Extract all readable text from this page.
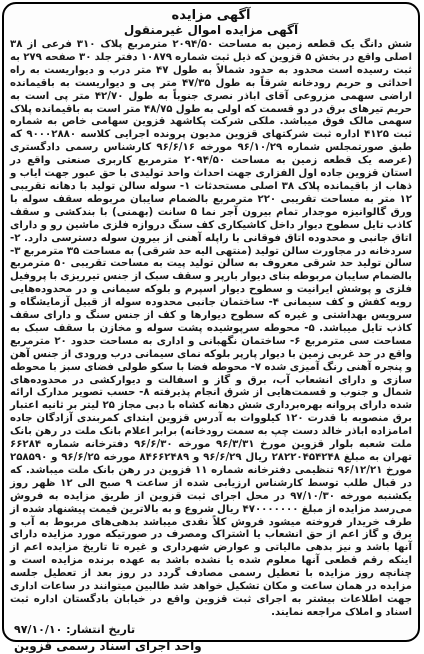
آگهی مزایده
آگهی مزایده اموال غیرمنقول

شش دانگ یک قطعه زمین به مساحت ۲۰۹۴/۵۰ مترمربع پلاک ۳۱۰ فرعی از ۳۸ اصلی واقع در بخش ۵ قزوین که ذیل ثبت شماره ۱۰۸۷۹ دفتر جلد ۳۰ صفحه ۲۷۹ به ثبت رسیده است محدود به حدود شمالاً به طول ۴۷ متر درب و دیواریست به راه احداثی و حریم رودخانه شرقاً به طول ۴۷/۳۵ متر پی و دیواریست به باقیمانده اراضی سهمی مزروعی آقای اباذر نصری جنوباً به طول ۴۲/۷۰ متر پی است به حریم تیرهای برق در دو قسمت که اولی به طول ۴۸/۷۵ متر است به باقیمانده پلاک سهمی مالک فوق میباشد. ملکی شرکت پکاشهد قزوین سهامی خاص به شماره ثبت ۴۱۲۵ اداره ثبت شرکتهای قزوین مدیون پرونده اجرایی کلاسه ۹۰۰۰۲۸۸۰ که طبق صورتمجلس شماره ۹۶/۱۰/۲۹ مورخه ۹۶/۶/۱۶ کارشناس رسمی دادگستری (عرصه یک قطعه زمین به مساحت ۲۰۹۴/۵۰ مترمربع کاربری صنعتی واقع در استان قزوین جاده اول الفزاری جهت احداث واحد تولیدی با حق عبور جهت ایاب و ذهاب از باقیمانده پلاک ۳۸ اصلی مستحدثات ۱- سوله سالن تولید با دهانه تقریبی ۱۲ متر به مساحت تقریبی ۲۲۰ مترمربع بالضمام سایبان مربوطه سقف سوله با ورق گالوانیزه موجدار تمام بیرون آجر نما ۵ سانت (بهمنی) با بندکشی و سقف کاذب تایل سطوح دیوار داخل کاشیکاری کف سنگ دروازه فلزی ماشین رو و دارای اتاق جانبی و محدوده اتاق فوقانی با راپله آهنی از بیرون سوله دسترسی دارد. ۲- سردخانه در مجاورت سالن تولید (منتهی الیه حد شرقی) به مساحت ۳۵ مترمربع ۳- سالن تولید حد شرقی معروف به سالن تولید پیت به مساحت تقریبی ۵۰ مترمربع بالضمام سایبان مربوطه بنای دیوار بارپر و سقف سبک از جنس تیرریزی با پروفیل فلزی و پوشش ایرانیت و سطوح دیوار اسپرم و بلوکه سیمانی و در محدوده‌هایی رویه کفش و کف سیمانی ۴- ساختمان جانبی محدوده سوله از قبیل آزمایشگاه و سرویس بهداشتی و غیره که سطوح دیوارها و کف از جنس سنگ و دارای سقف کاذب تایل میباشد. ۵- محوطه سرپوشیده پشت سوله و مخازن با سقف سبک به مساحت سی مترمربع ۶- ساختمان نگهبانی و اداری به مساحت حدود ۲۰ مترمربع واقع در حد غربی زمین با دیوار پارپر بلوکه نمای سیمانی درب ورودی از جنس آهن و پنجره آهنی رنگ آمیزی شده ۷- محوطه فضا با سکو طولی فضای سبز با محوطه سازی و دارای انشعاب آب، برق و گاز و اسفالت و دیوارکشی در محدوده‌های شمال و جنوب و قسمت‌هایی از شرق انجام پذیرفته ۸- حسب تصویر مدارک ارائه شده دارای پروانه بهره‌برداری شش دهانه کشاه با دبی مجاز ۲۵ لیتر بر ثانیه اعتبار برق منصوبه با قدرت ۱۲۰ کیلووات به آدرس قزوین ابتدای کمربندی آزادگان جاده امامزاده اباذر خالد دست چپ به سمت رودخانه) برابر اعلام بانک ملت در رهن بانک ملت شعبه بلوار قزوین مورخ ۹۶/۳/۳۱ مورخه ۹۶/۶/۳۰ دفترخانه شماره ۶۶۲۸۴ تهران به مبلغ ۲۸۲۲۰۴۵۴۲۴۸ ریال ۹۶/۶/۲۹ و ۸۴۶۶۲۴۸۹ مورخه ۹۶/۶/۲۵ و ۲۵۸۵۹۰ مورخ ۹۶/۱۲/۲۱ تنظیمی دفترخانه شماره ۱۱ قزوین در رهن بانک ملت میباشد. که در قبال طلب توسط کارشناس ارزیابی شده از ساعت ۹ صبح الی ۱۲ ظهر روز یکشنبه مورخه ۹۷/۱۰/۳۰ در محل اجرای ثبت قزوین از طریق مزایده به فروش می‌رسد مزایده از مبلغ ۴۷۰۰۰۰۰۰۰ ریال شروع و به بالاترین قیمت پیشنهاد شده از طرف خریدار فروخته میشود فروش کلاً نقدی میباشد بدهی‌های مربوط به آب و برق و گاز اعم از حق انشعاب یا اشتراک ومصرف در صورتیکه مورد مزایده دارای آنها باشد و نیز بدهی مالیاتی و عوارض شهرداری و غیره تا تاریخ مزایده اعم از اینکه رقم قطعی آنها معلوم شده یا نشده باشد به عهده برنده مزایده است و چنانچه روز مزایده با تعطیل رسمی مصادف گردد در روز بعد از تعطیل جلسه مزایده در همان ساعت و مکان تشکیل خواهد شد طالبین میتوانند در ساعات اداری جهت اطلاعات بیشتر به اجرای ثبت قزوین واقع در خیابان بادگستان اداره ثبت اسناد و املاک مراجعه نمایند.

تاریخ انتشار: ۹۷/۱۰/۱۰
واحد اجرای اسناد رسمی قزوین
